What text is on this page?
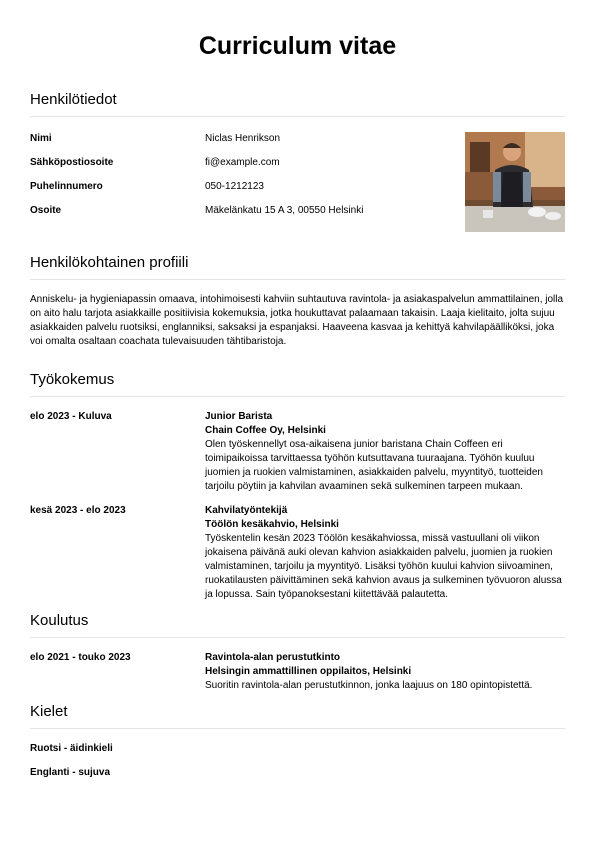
Curriculum vitae
Henkilötiedot
Nimi	Niclas Henrikson
Sähköpostiosoite	fi@example.com
Puhelinnumero	050-1212123
Osoite	Mäkelänkatu 15 A 3, 00550 Helsinki
Henkilökohtainen profiili
Anniskelu- ja hygieniapassin omaava, intohimoisesti kahviin suhtautuva ravintola- ja asiakaspalvelun ammattilainen, jolla on aito halu tarjota asiakkaille positiivisia kokemuksia, jotka houkuttavat palaamaan takaisin. Laaja kielitaito, jolta sujuu asiakkaiden palvelu ruotsiksi, englanniksi, saksaksi ja espanjaksi. Haaveena kasvaa ja kehittyä kahvilapäälliköksi, joka voi omalta osaltaan coachata tulevaisuuden tähtibaristoja.
Työkokemus
elo 2023 - Kuluva	Junior Barista
Chain Coffee Oy, Helsinki
Olen työskennellyt osa-aikaisena junior baristana Chain Coffeen eri toimipaikoissa tarvittaessa työhön kutsuttavana tuuraajana. Työhön kuuluu juomien ja ruokien valmistaminen, asiakkaiden palvelu, myyntityö, tuotteiden tarjoilu pöytiin ja kahvilan avaaminen sekä sulkeminen tarpeen mukaan.
kesä 2023 - elo 2023	Kahvilatyöntekijä
Töölön kesäkahvio, Helsinki
Työskentelin kesän 2023 Töölön kesäkahviossa, missä vastuullani oli viikon jokaisena päivänä auki olevan kahvion asiakkaiden palvelu, juomien ja ruokien valmistaminen, tarjoilu ja myyntityö. Lisäksi työhön kuului kahvion siivoaminen, ruokatilausten päivittäminen sekä kahvion avaus ja sulkeminen työvuoron alussa ja lopussa. Sain työpanoksestani kiitettävää palautetta.
Koulutus
elo 2021 - touko 2023	Ravintola-alan perustutkinto
Helsingin ammattillinen oppilaitos, Helsinki
Suoritin ravintola-alan perustutkinnon, jonka laajuus on 180 opintopistettä.
Kielet
Ruotsi - äidinkieli
Englanti - sujuva
